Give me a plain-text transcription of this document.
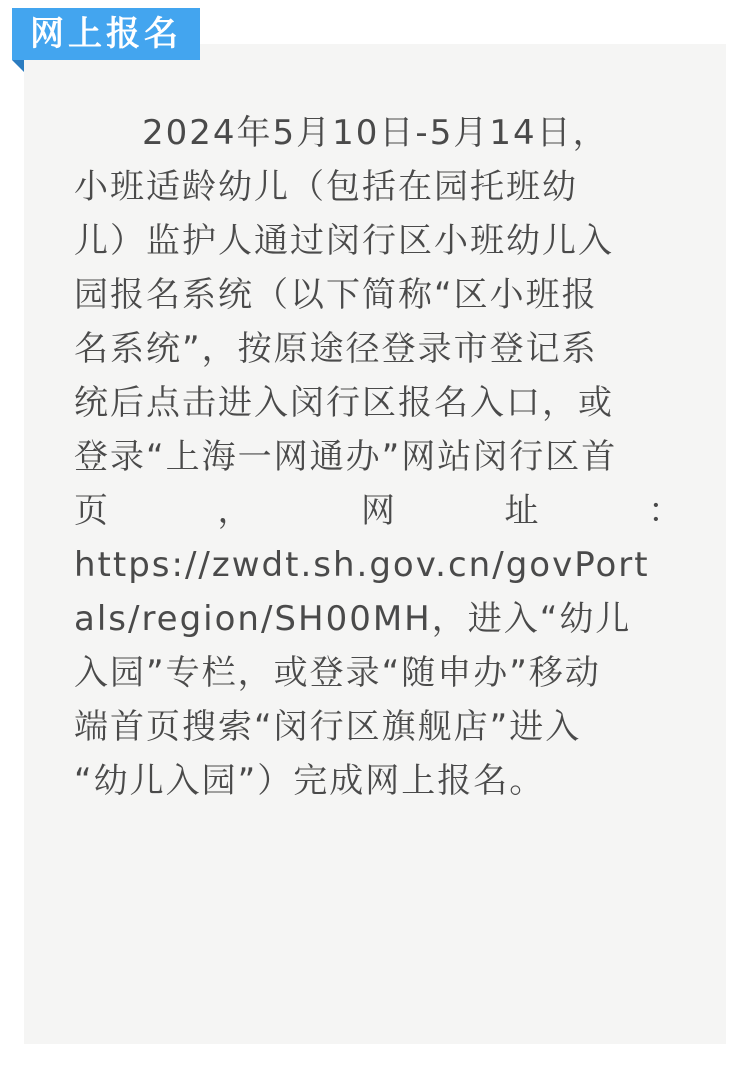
网上报名
2024年5月10日-5月14日，
小班适龄幼儿（包括在园托班幼
儿）监护人通过闵行区小班幼儿入
园报名系统（以下简称“区小班报
名系统”，按原途径登录市登记系
统后点击进入闵行区报名入口，或
登录“上海一网通办”网站闵行区首
页	，	网	址	：
https://zwdt.sh.gov.cn/govPort
als/region/SH00MH，进入“幼儿
入园”专栏，或登录“随申办”移动
端首页搜索“闵行区旗舰店”进入
“幼儿入园”）完成网上报名。
